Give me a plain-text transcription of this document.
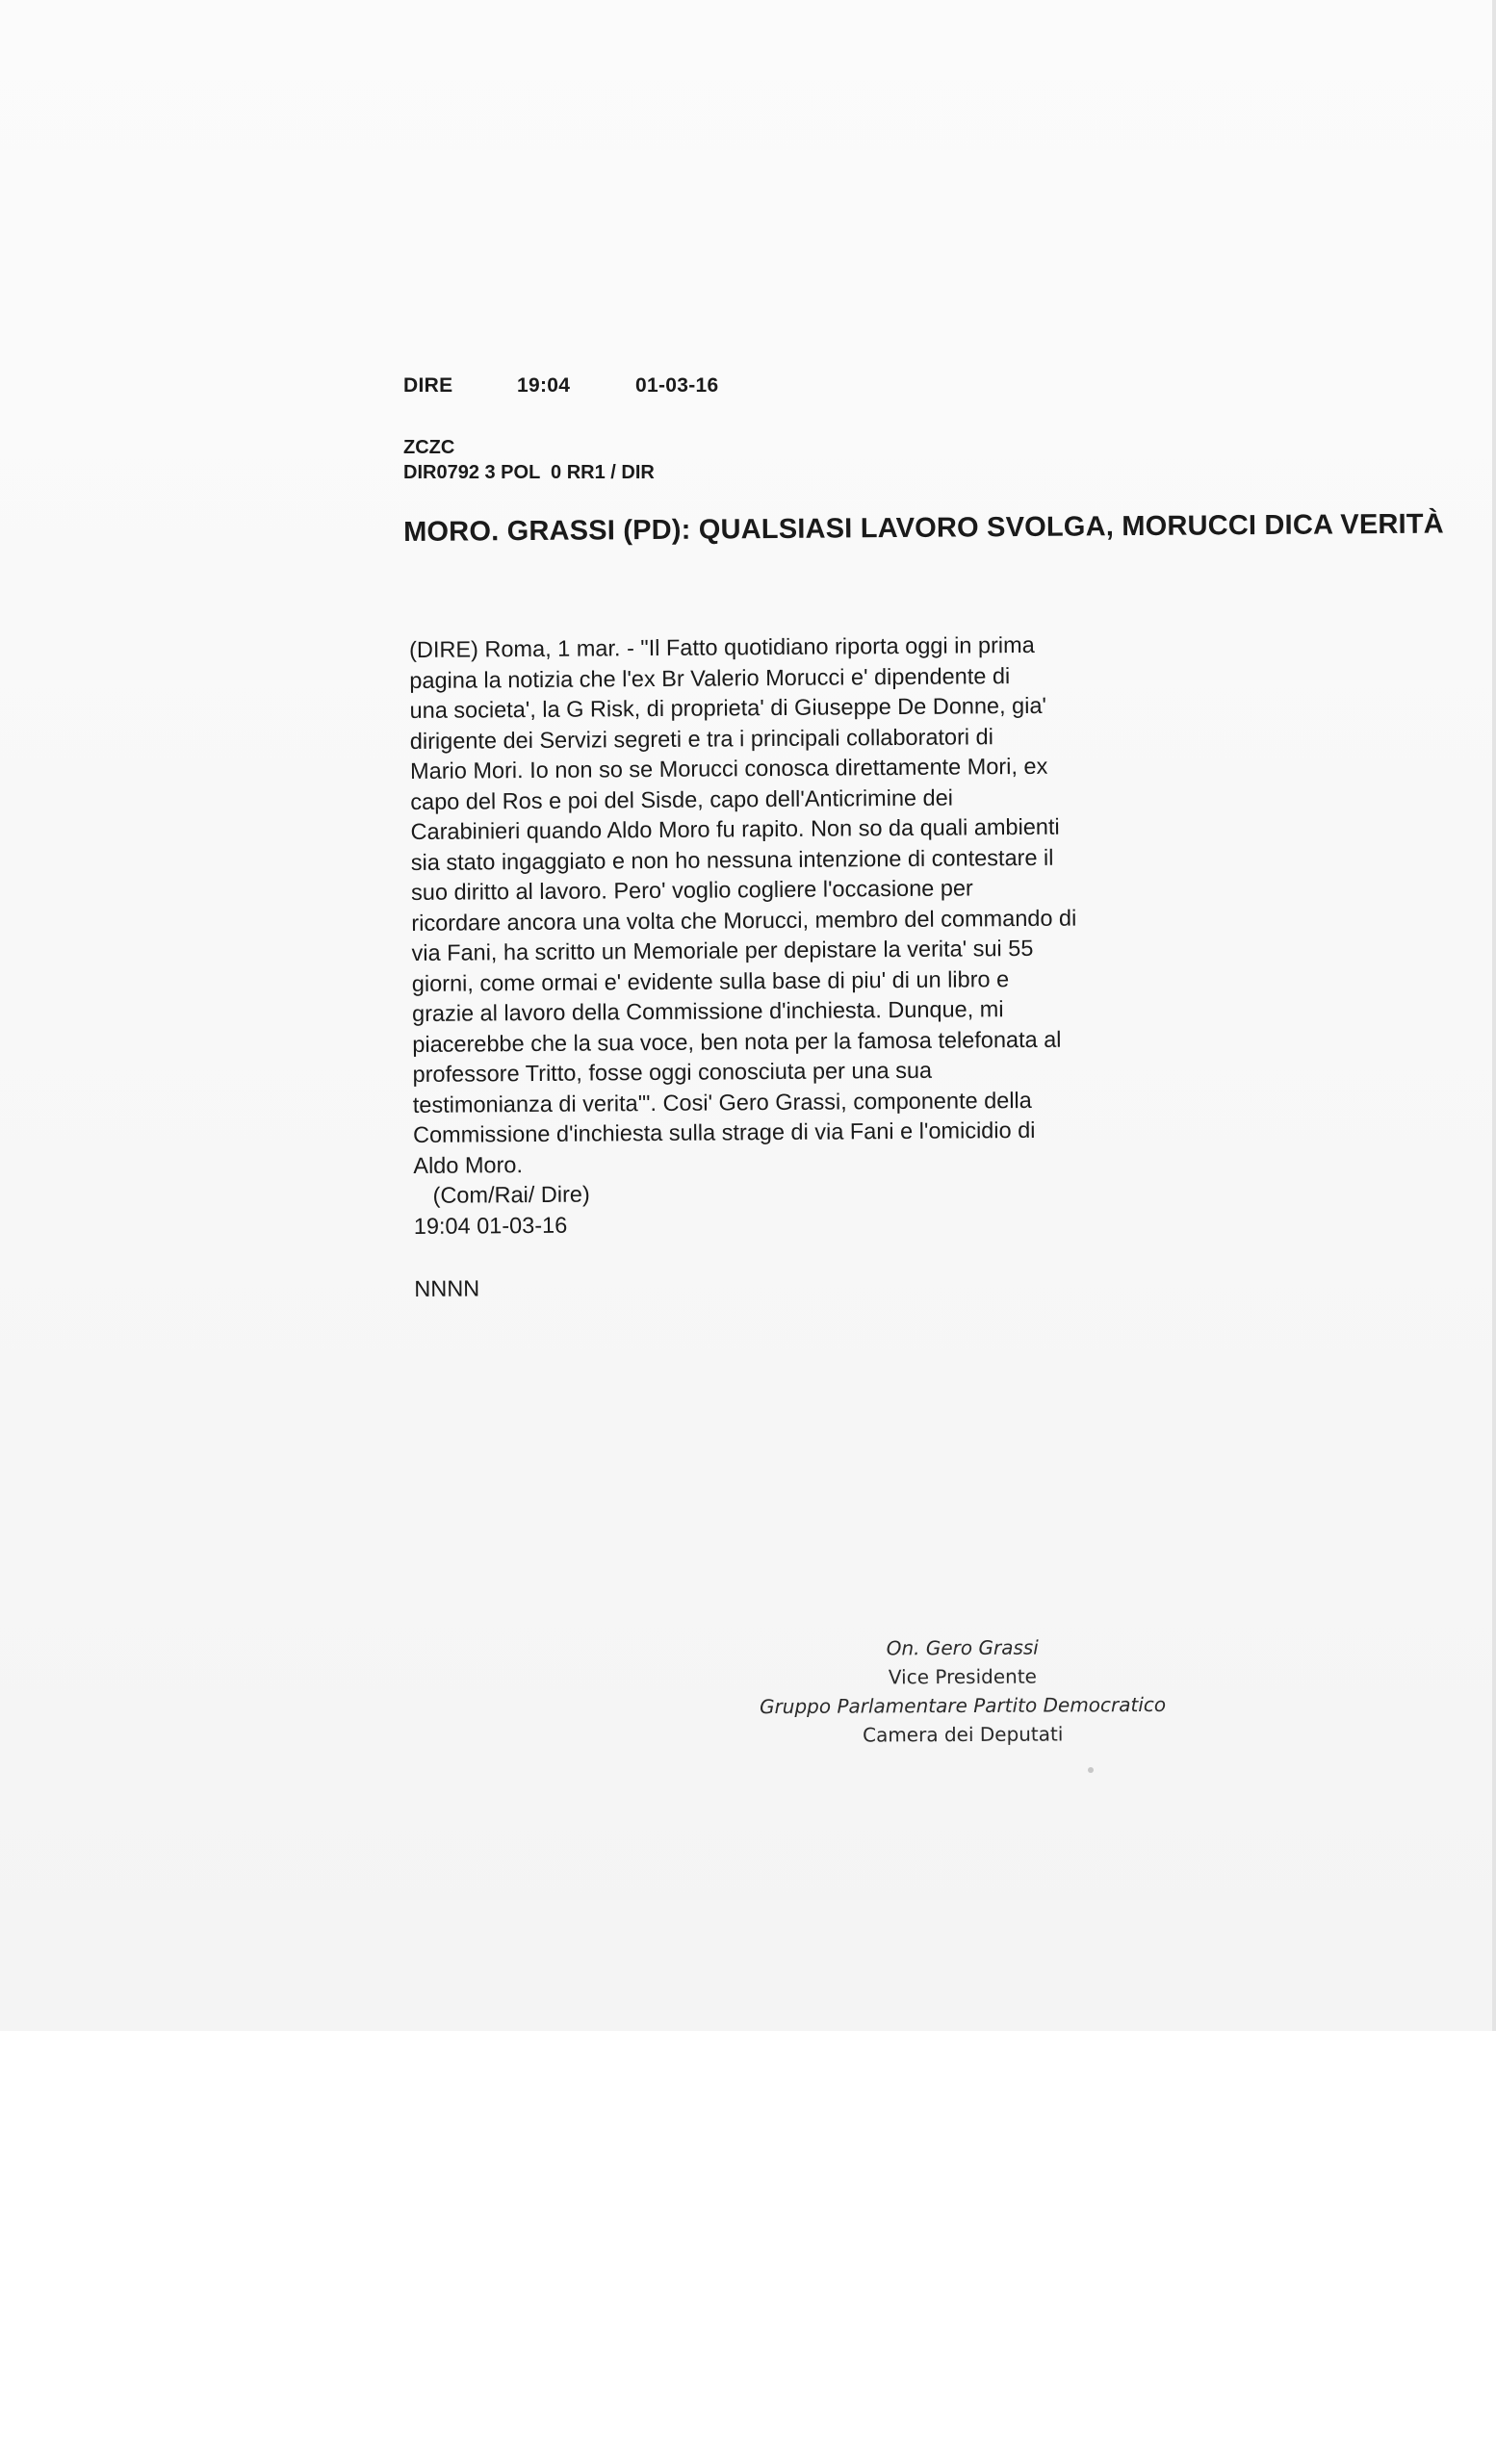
DIRE	19:04	01-03-16
ZCZC
DIR0792 3 POL  0 RR1 / DIR
MORO. GRASSI (PD): QUALSIASI LAVORO SVOLGA, MORUCCI DICA VERITÀ
(DIRE) Roma, 1 mar. - "Il Fatto quotidiano riporta oggi in prima
pagina la notizia che l'ex Br Valerio Morucci e' dipendente di
una societa', la G Risk, di proprieta' di Giuseppe De Donne, gia'
dirigente dei Servizi segreti e tra i principali collaboratori di
Mario Mori. Io non so se Morucci conosca direttamente Mori, ex
capo del Ros e poi del Sisde, capo dell'Anticrimine dei
Carabinieri quando Aldo Moro fu rapito. Non so da quali ambienti
sia stato ingaggiato e non ho nessuna intenzione di contestare il
suo diritto al lavoro. Pero' voglio cogliere l'occasione per
ricordare ancora una volta che Morucci, membro del commando di
via Fani, ha scritto un Memoriale per depistare la verita' sui 55
giorni, come ormai e' evidente sulla base di piu' di un libro e
grazie al lavoro della Commissione d'inchiesta. Dunque, mi
piacerebbe che la sua voce, ben nota per la famosa telefonata al
professore Tritto, fosse oggi conosciuta per una sua
testimonianza di verita'". Cosi' Gero Grassi, componente della
Commissione d'inchiesta sulla strage di via Fani e l'omicidio di
Aldo Moro.
(Com/Rai/ Dire)
19:04 01-03-16
NNNN
On. Gero Grassi
Vice Presidente
Gruppo Parlamentare Partito Democratico
Camera dei Deputati
